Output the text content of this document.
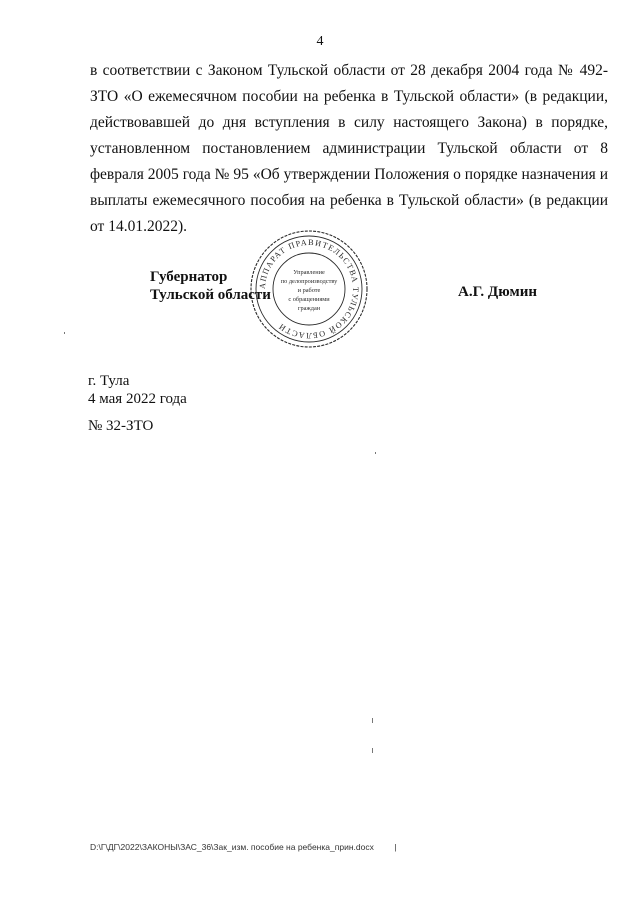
4

в соответствии с Законом Тульской области от 28 декабря 2004 года № 492-ЗТО «О ежемесячном пособии на ребенка в Тульской области» (в редакции, действовавшей до дня вступления в силу настоящего Закона) в порядке, установленном постановлением администрации Тульской области от 8 февраля 2005 года № 95 «Об утверждении Положения о порядке назначения и выплаты ежемесячного пособия на ребенка в Тульской области» (в редакции от 14.01.2022).

Губернатор
Тульской области
АППАРАТ ПРАВИТЕЛЬСТВА ТУЛЬСКОЙ ОБЛАСТИ
Управление
по делопроизводству
и работе
с обращениями
граждан
А.Г. Дюмин
г. Тула
4 мая 2022 года
№ 32-ЗТО
D:\Г\ДГ\2022\ЗАКОНЫ\ЗАС_36\Зак_изм. пособие на ребенка_прин.docx |
